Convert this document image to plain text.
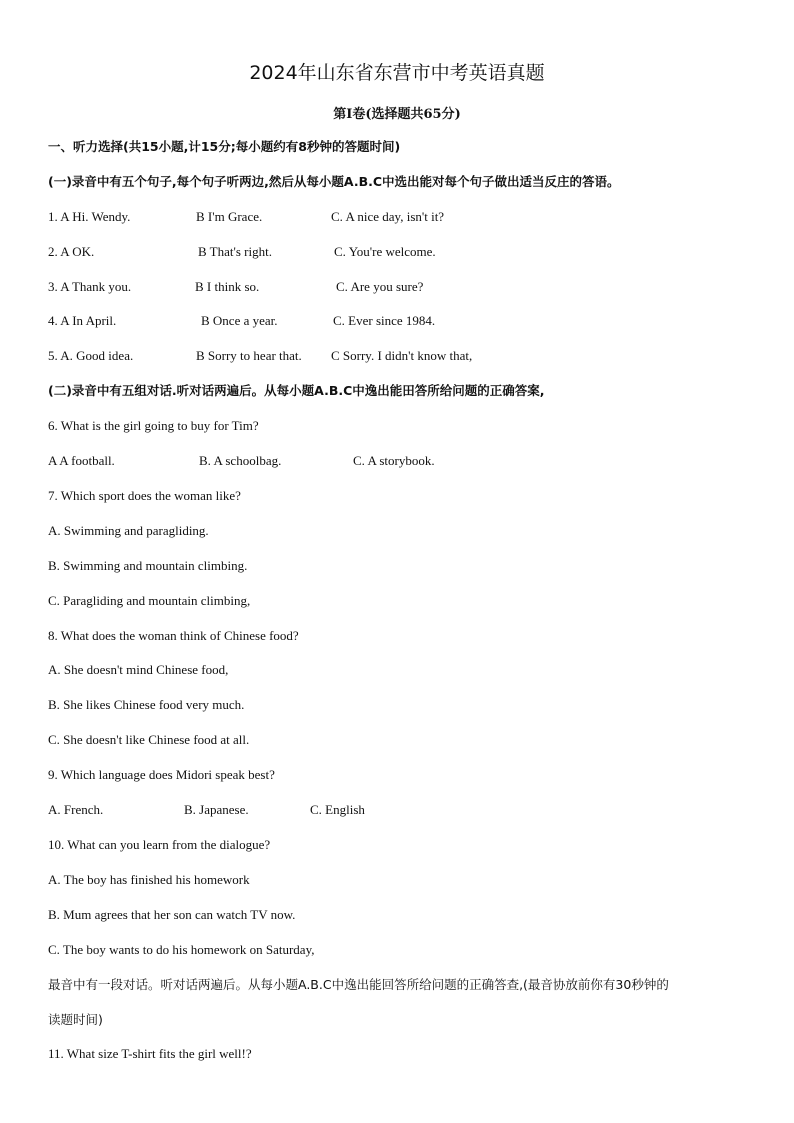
2024年山东省东营市中考英语真题
第I卷(选择题共65分)
一、听力选择(共15小题,计15分;每小题约有8秒钟的答题时间)
(一)录音中有五个句子,每个句子听两边,然后从每小题A.B.C中选出能对每个句子做出适当反庄的答语。
1. A Hi. Wendy.	B I'm Grace.	C. A nice day, isn't it?
2. A OK.	B That's right.	C. You're welcome.
3. A Thank you.	B I think so.	C. Are you sure?
4. A In April.	B Once a year.	C. Ever since 1984.
5. A. Good idea.	B Sorry to hear that. C Sorry. I didn't know that,
(二)录音中有五组对话.听对话两遍后。从每小题A.B.C中逸出能田答所给问题的正确答案,
6. What is the girl going to buy for Tim?
A A football.	B. A schoolbag.	C. A storybook.
7. Which sport does the woman like?
A. Swimming and paragliding.
B. Swimming and mountain climbing.
C. Paragliding and mountain climbing,
8. What does the woman think of Chinese food?
A. She doesn't mind Chinese food,
B. She likes Chinese food very much.
C. She doesn't like Chinese food at all.
9. Which language does Midori speak best?
A. French.	B. Japanese.	C. English
10. What can you learn from the dialogue?
A. The boy has finished his homework
B. Mum agrees that her son can watch TV now.
C. The boy wants to do his homework on Saturday,
最音中有一段对话。听对话两遍后。从每小题A.B.C中逸出能回答所给问题的正确答查,(最音协放前你有30秒钟的
读题时间)
11. What size T-shirt fits the girl well!?
